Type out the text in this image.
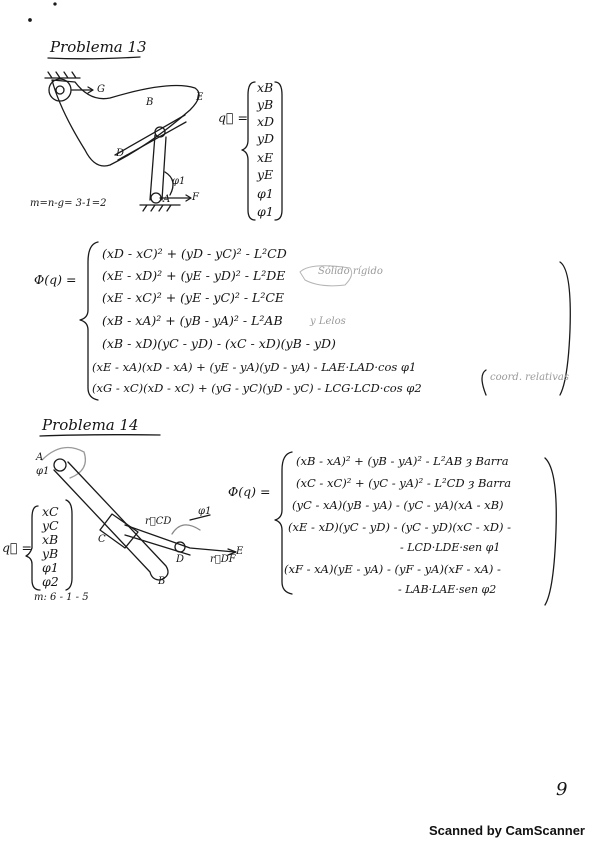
Problema 13
G
B	E
D
φ1
A F
m=n-g= 3-1=2
q⃗ =
xB
yB
xD
yD
xE
yE
φ1
φ1
Φ(q) =
(xD - xC)² + (yD - yC)² - L²CD
(xE - xD)² + (yE - yD)² - L²DE
(xE - xC)² + (yE - yC)² - L²CE
(xB - xA)² + (yB - yA)² - L²AB
(xB - xD)(yC - yD) - (xC - xD)(yB - yD)
(xE - xA)(xD - xA) + (yE - yA)(yD - yA) - LAE·LAD·cos φ1
(xG - xC)(xD - xC) + (yG - yC)(yD - yC) - LCG·LCD·cos φ2
Sólido rígido
y Lelos
coord. relativas
Problema 14
A
φ1
C
B
D
E
r⃗CD
r⃗DF
φ1
m: 6 - 1 - 5
q⃗ =
xC
yC
xB
yB
φ1
φ2
Φ(q) =
(xB - xA)² + (yB - yA)² - L²AB ȝ Barra
(xC - xC)² + (yC - yA)² - L²CD ȝ Barra
(yC - xA)(yB - yA) - (yC - yA)(xA - xB)
(xE - xD)(yC - yD) - (yC - yD)(xC - xD) -
- LCD·LDE·sen φ1
(xF - xA)(yE - yA) - (yF - yA)(xF - xA) -
- LAB·LAE·sen φ2
9
Scanned by CamScanner
